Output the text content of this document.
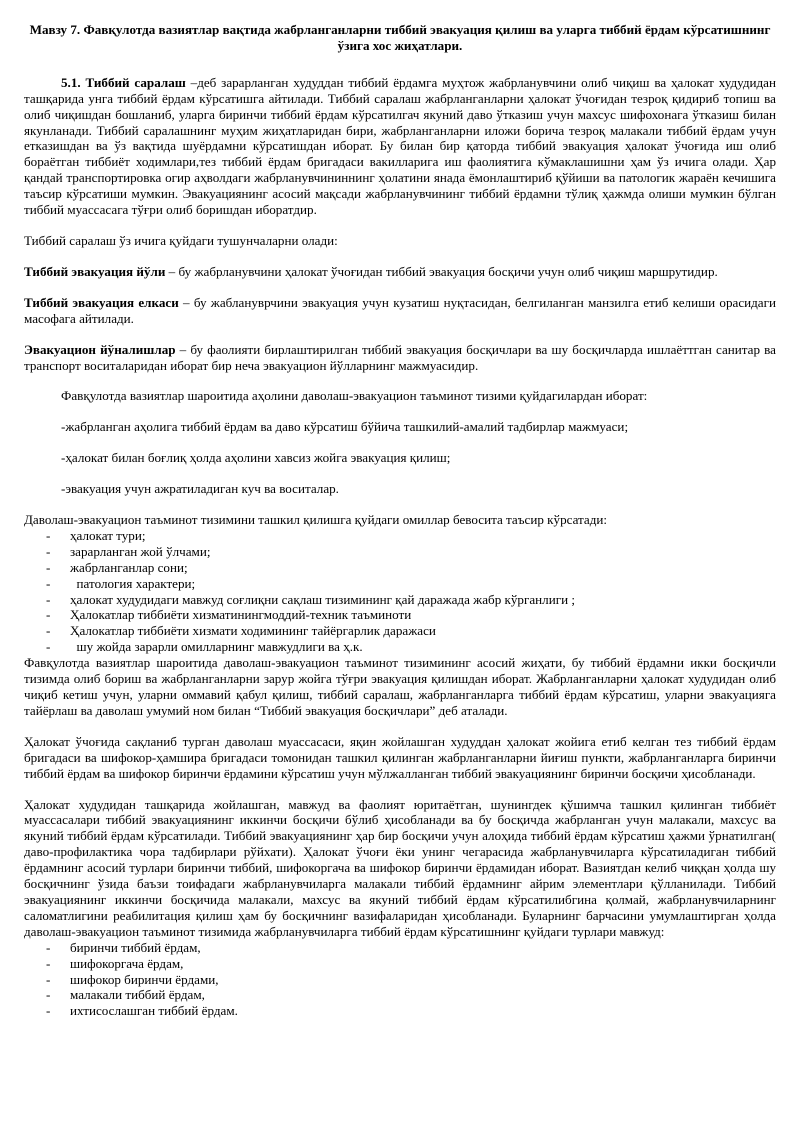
Мавзу 7. Фавқулотда вазиятлар вақтида жабрланганларни тиббий эвакуация қилиш ва уларга тиббий ёрдам кўрсатишнинг ўзига хос жиҳатлари.

5.1. Тиббий саралаш –деб зарарланган худуддан тиббий ёрдамга муҳтож жабрланувчини олиб чиқиш ва ҳалокат худудидан ташқарида унга тиббий ёрдам кўрсатишга айтилади. Тиббий саралаш жабрланганларни ҳалокат ўчоғидан тезроқ қидириб топиш ва олиб чиқишдан бошланиб, уларга биринчи тиббий ёрдам кўрсатилгач якуний даво ўтказиш учун махсус шифохонага ўтказиш билан якунланади. Тиббий саралашнинг муҳим жиҳатларидан бири, жабрланганларни иложи борича тезроқ малакали тиббий ёрдам учун етказишдан ва ўз вақтида шуёрдамни кўрсатишдан иборат. Бу билан бир қаторда тиббий эвакуация ҳалокат ўчоғида иш олиб бораётган тиббиёт ходимлари,тез тиббий ёрдам бригадаси вакилларига иш фаолиятига кўмаклашишни ҳам ўз ичига олади. Ҳар қандай транспортировка огир аҳволдаги жабрланувчининнинг ҳолатини янада ёмонлаштириб қўйиши ва патологик жараён кечишига таъсир кўрсатиши мумкин. Эвакуациянинг асосий мақсади жабрланувчининг тиббий ёрдамни тўлиқ ҳажмда олиши мумкин бўлган тиббий муассасага тўғри олиб боришдан иборатдир.

Тиббий саралаш ўз ичига қуйдаги тушунчаларни олади:

Тиббий эвакуация йўли – бу жабрланувчини ҳалокат ўчоғидан тиббий эвакуация босқичи учун олиб чиқиш маршрутидир.

Тиббий эвакуация елкаси – бу жаблануврчини эвакуация учун кузатиш нуқтасидан, белгиланган манзилга етиб келиши орасидаги масофага айтилади.

Эвакуацион йўналишлар – бу фаолияти бирлаштирилган тиббий эвакуация босқичлари ва шу босқичларда ишлаёттган санитар ва транспорт воситаларидан иборат бир неча эвакуацион йўлларнинг мажмуасидир.

Фавқулотда вазиятлар шароитида аҳолини даволаш-эвакуацион таъминот тизими қуйдагилардан иборат:

-жабрланган аҳолига тиббий ёрдам ва даво кўрсатиш бўйича ташкилий-амалий тадбирлар мажмуаси;

-ҳалокат билан боғлиқ ҳолда аҳолини хавсиз жойга эвакуация қилиш;

-эвакуация учун ажратиладиган куч ва воситалар.

Даволаш-эвакуацион таъминот тизимини ташкил қилишга қуйдаги омиллар бевосита таъсир кўрсатади:

- ҳалокат тури;
- зарарланган жой ўлчами;
- жабрланганлар сони;
- патология характери;
- ҳалокат худудидаги мавжуд соғлиқни сақлаш тизимининг қай даражада жабр кўрганлиги ;
- Ҳалокатлар тиббиёти хизматинингмоддий-техник таъминоти
- Ҳалокатлар тиббиёти хизмати ходимининг тайёргарлик даражаси
- шу жойда зарарли омилларнинг мавжудлиги ва ҳ.к.

Фавқулотда вазиятлар шароитида даволаш-эвакуацион таъминот тизимининг асосий жиҳати, бу тиббий ёрдамни икки босқичли тизимда олиб бориш ва жабрланганларни зарур жойга тўғри эвакуация қилишдан иборат. Жабрланганларни ҳалокат худудидан олиб чиқиб кетиш учун, уларни оммавий қабул қилиш, тиббий саралаш, жабрланганларга тиббий ёрдам кўрсатиш, уларни эвакуацияга тайёрлаш ва даволаш умумий ном билан “Тиббий эвакуация босқичлари” деб аталади.

Ҳалокат ўчоғида сақланиб турган даволаш муассасаси, яқин жойлашган худуддан ҳалокат жойига етиб келган тез тиббий ёрдам бригадаси ва шифокор-ҳамшира бригадаси томонидан ташкил қилинган жабрланганларни йиғиш пункти, жабрланганларга биринчи тиббий ёрдам ва шифокор биринчи ёрдамини кўрсатиш учун мўлжалланган тиббий эвакуациянинг биринчи босқичи ҳисобланади.

Ҳалокат худудидан ташқарида жойлашган, мавжуд ва фаолият юритаётган, шунингдек қўшимча ташкил қилинган тиббиёт муассасалари тиббий эвакуациянинг иккинчи босқичи бўлиб ҳисобланади ва бу босқичда жабрланган учун малакали, махсус ва якуний тиббий ёрдам кўрсатилади. Тиббий эвакуациянинг ҳар бир босқичи учун алоҳида тиббий ёрдам кўрсатиш ҳажми ўрнатилган( даво-профилактика чора тадбирлари рўйхати). Ҳалокат ўчоғи ёки унинг чегарасида жабрланувчиларга кўрсатиладиган тиббий ёрдамнинг асосий турлари биринчи тиббий, шифокоргача ва шифокор биринчи ёрдамидан иборат. Вазиятдан келиб чиққан ҳолда шу босқичнинг ўзида баъзи тоифадаги жабрланувчиларга малакали тиббий ёрдамнинг айрим элементлари қўлланилади. Тиббий эвакуациянинг иккинчи босқичида малакали, махсус ва якуний тиббий ёрдам кўрсатилибгина қолмай, жабрланувчиларнинг саломатлигини реабилитация қилиш ҳам бу босқичнинг вазифаларидан ҳисобланади. Буларнинг барчасини умумлаштирган ҳолда даволаш-эвакуацион таъминот тизимида жабрланувчиларга тиббий ёрдам кўрсатишнинг қуйдаги турлари мавжуд:

- биринчи тиббий ёрдам,
- шифокоргача ёрдам,
- шифокор биринчи ёрдами,
- малакали тиббий ёрдам,
- ихтисослашган тиббий ёрдам.
